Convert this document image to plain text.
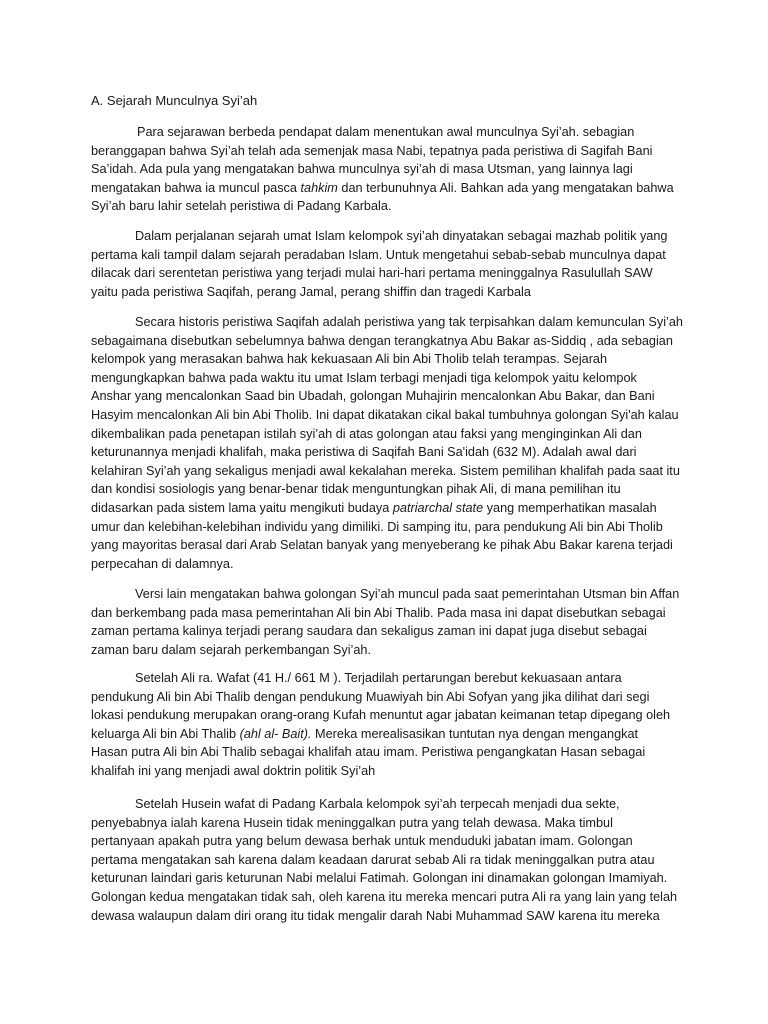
A. Sejarah Munculnya Syi’ah

Para sejarawan berbeda pendapat dalam menentukan awal munculnya Syi’ah. sebagian
beranggapan bahwa Syi’ah telah ada semenjak masa Nabi, tepatnya pada peristiwa di Sagifah Bani
Sa’idah. Ada pula yang mengatakan bahwa munculnya syi’ah di masa Utsman, yang lainnya lagi
mengatakan bahwa ia muncul pasca tahkim dan terbunuhnya Ali. Bahkan ada yang mengatakan bahwa
Syi’ah baru lahir setelah peristiwa di Padang Karbala.

Dalam perjalanan sejarah umat Islam kelompok syi’ah dinyatakan sebagai mazhab politik yang
pertama kali tampil dalam sejarah peradaban Islam. Untuk mengetahui sebab-sebab munculnya dapat
dilacak dari serentetan peristiwa yang terjadi mulai hari-hari pertama meninggalnya Rasulullah SAW
yaitu pada peristiwa Saqifah, perang Jamal, perang shiffin dan tragedi Karbala

Secara historis peristiwa Saqifah adalah peristiwa yang tak terpisahkan dalam kemunculan Syi’ah
sebagaimana disebutkan sebelumnya bahwa dengan terangkatnya Abu Bakar as-Siddiq , ada sebagian
kelompok yang merasakan bahwa hak kekuasaan Ali bin Abi Tholib telah terampas. Sejarah
mengungkapkan bahwa pada waktu itu umat Islam terbagi menjadi tiga kelompok yaitu kelompok
Anshar yang mencalonkan Saad bin Ubadah, golongan Muhajirin mencalonkan Abu Bakar, dan Bani
Hasyim mencalonkan Ali bin Abi Tholib. Ini dapat dikatakan cikal bakal tumbuhnya golongan Syi'ah kalau
dikembalikan pada penetapan istilah syi’ah di atas golongan atau faksi yang menginginkan Ali dan
keturunannya menjadi khalifah, maka peristiwa di Saqifah Bani Sa'idah (632 M). Adalah awal dari
kelahiran Syi’ah yang sekaligus menjadi awal kekalahan mereka. Sistem pemilihan khalifah pada saat itu
dan kondisi sosiologis yang benar-benar tidak menguntungkan pihak Ali, di mana pemilihan itu
didasarkan pada sistem lama yaitu mengikuti budaya patriarchal state yang memperhatikan masalah
umur dan kelebihan-kelebihan individu yang dimiliki. Di samping itu, para pendukung Ali bin Abi Tholib
yang mayoritas berasal dari Arab Selatan banyak yang menyeberang ke pihak Abu Bakar karena terjadi
perpecahan di dalamnya.

Versi lain mengatakan bahwa golongan Syi’ah muncul pada saat pemerintahan Utsman bin Affan
dan berkembang pada masa pemerintahan Ali bin Abi Thalib. Pada masa ini dapat disebutkan sebagai
zaman pertama kalinya terjadi perang saudara dan sekaligus zaman ini dapat juga disebut sebagai
zaman baru dalam sejarah perkembangan Syi’ah.

Setelah Ali ra. Wafat (41 H./ 661 M ). Terjadilah pertarungan berebut kekuasaan antara
pendukung Ali bin Abi Thalib dengan pendukung Muawiyah bin Abi Sofyan yang jika dilihat dari segi
lokasi pendukung merupakan orang-orang Kufah menuntut agar jabatan keimanan tetap dipegang oleh
keluarga Ali bin Abi Thalib (ahl al- Bait). Mereka merealisasikan tuntutan nya dengan mengangkat
Hasan putra Ali bin Abi Thalib sebagai khalifah atau imam. Peristiwa pengangkatan Hasan sebagai
khalifah ini yang menjadi awal doktrin politik Syi’ah

Setelah Husein wafat di Padang Karbala kelompok syi’ah terpecah menjadi dua sekte,
penyebabnya ialah karena Husein tidak meninggalkan putra yang telah dewasa. Maka timbul
pertanyaan apakah putra yang belum dewasa berhak untuk menduduki jabatan imam. Golongan
pertama mengatakan sah karena dalam keadaan darurat sebab Ali ra tidak meninggalkan putra atau
keturunan laindari garis keturunan Nabi melalui Fatimah. Golongan ini dinamakan golongan Imamiyah.
Golongan kedua mengatakan tidak sah, oleh karena itu mereka mencari putra Ali ra yang lain yang telah
dewasa walaupun dalam diri orang itu tidak mengalir darah Nabi Muhammad SAW karena itu mereka
